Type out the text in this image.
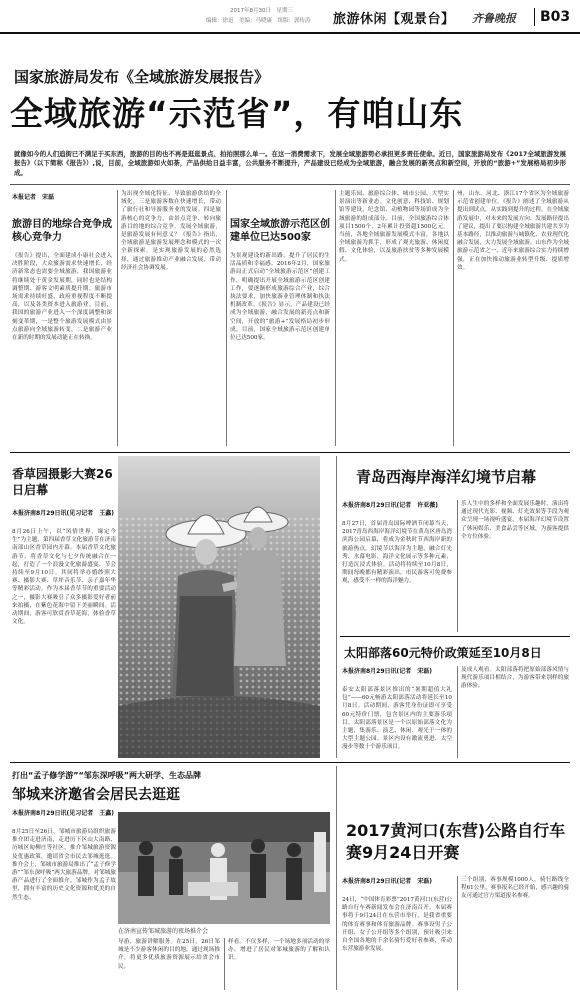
2017年8月30日　星期三
编辑：徐迅　美编：马晓康　组版：郭传涛 旅游休闲【观景台】 齐鲁晚报 B03
国家旅游局发布《全域旅游发展报告》
全域旅游“示范省”，有咱山东
就像如今的人们追街已不满足于买东西，旅游的目的也不再是逛逛景点、拍拍照那么单一。在这一消费需求下，发展全域旅游势必承担更多责任使命。近日，国家旅游局发布《2017全域旅游发展报告》（以下简称《报告》）,说，目前，全域旅游如火如荼，产品供给日益丰富，公共服务不断提升，产品建设已经成为全域旅游，融合发展的新亮点和新空间，开放的“旅游+”发展格局初步形成。
本报记者　宋磊
旅游目的地综合竞争成核心竞争力
《报告》提出，全面建成小康社会进入决胜阶段，大众旅游需求快速增长，经济新常态也需要全域旅游，我国旅游业将继续处于黄金发展期，同时也是结构调整期、游客文明素质提升期。旅游市场需求持续旺盛，政府重视程度不断提高，以及各类资本进入旅游业。目前，我国的旅游产业进入一个深度调整和深刻变革期，一是整个旅游发展模式由景点旅游向全域旅游转变，二是旅游产业在新的时期的发展动能正在转换。
为出现全域化特征，导致旅游供给的全域化。三是旅游客数在快速增长，带动了旅行社和导游服务业的发展。四是旅游核心的竞争力，由景点竞争、转向旅游目的地的综合竞争。发展全域旅游，是旅游发展有何意义？《报告》指出，全域旅游是旅游发展理念和模式的一次全新探索，是实现旅游发展的必然选择，通过旅游推动产业融合发展，带动经济社会协调发展。
国家全域旅游示范区创建单位已达500家
为景观建设的新出路，提升了居民的生活品质和幸福感。2016年2月，国家旅游局正式启动“全域旅游示范区”创建工作，明确提出开展全域旅游示范区创建工作，要逐渐形成旅游综合产业，综合执法要求，加快旅游业管理体制和执法机制改革。《报告》显示，产品建设已经成为全域旅游、融合发展的新亮点和新空间，开放的“旅游+”发展格局初步形成。目前，国家全域旅游示范区创建单位已达500家。
主题乐园、旅游综合体、城市公园、大型实景演出等新业态。文化创意、科技馆、规划馆等建设，纪念馆、动植物园等场馆成为全域旅游的组成部分。目前，全国旅游综合体项目1500个，2年累计投资超1500亿元。当前，各地全域旅游发展模式丰富，各地以全域旅游为抓手，形成了观光旅游、休闲度假、文化体验，以及旅游扶贫等多种发展模式。
州，山东、河北、浙江17个省区为全域旅游示范省创建单位。《报告》阐述了全域旅游从提出到试点，从实践到提升的过程。在全域旅游发展中，对未来的发展方向、发展路径提出了建议，提出了要以构建全域旅游共建共享为基本路径，以推动旅游与城镇化、农业现代化融合发展，大力发展全域旅游。山东作为全域旅游示范省之一，近年来旅游综合实力持续增强，正在加快推动旅游业转型升级、提质增效。
香草园摄影大赛26日启幕
本报济南8月29日讯(见习记者　王鑫)
8月26日上午，以“风情世界，缘定今生”为主题，第四届香草文化旅游节在济南南部山区香草园内开幕。本届香草文化旅游节，将香草文化与七夕传统融合在一起，打造了一个浪漫文化旅游盛宴。节会持续至9月10日。其间将举办婚纱照大赛、摄影大赛、草坪音乐节、亲子嘉年华等精彩活动。作为本届香草节的重要活动之一，摄影大赛吸引了众多摄影爱好者前来拍摄，在紫色花海中留下美丽瞬间。活动期间，游客可欣赏香草花海，体验香草文化。
青岛西海岸海洋幻境节启幕
本报济南8月29日讯(记者　许亚薇)
8月27日，首届青岛国际啤酒节闭幕当天，2017青岛西海岸海洋幻境节在黄岛区唐岛湾滨海公园启幕，将成为金秋时节西海岸新的旅游热点。幻境节以海洋为主题，融合灯光秀、水幕电影、海洋文化展示等多种元素，打造沉浸式体验。活动将持续至10月8日，期间每晚都有精彩演出，市民游客可免费参观，感受不一样的海洋魅力。
乐人生中的多样和全面发展乐趣时，演出将通过现代光影、视频、灯光效果等手段为观众呈现一场视听盛宴。本届海洋幻境节设置了休闲娱乐、美食品尝等区域，为游客提供全方位体验。
太阳部落60元特价政策延至10月8日
本报济南8月29日讯(记者　宋磊)
泰安太阳部落景区推出的“暑期超值大礼包”——60元畅游太阳部落活动将延长至10月8日。活动期间，游客凭身份证即可享受60元特价门票，包含景区内的主要游乐项目。太阳部落景区是一个以原始部落文化为主题，集游乐、演艺、休闲、观光于一体的大型主题公园。景区内设有激流勇进、太空漫步等数十个游乐项目。
及成人观看。太阳部落将把原始部落风情与现代游乐项目相结合，为游客带来别样的旅游体验。
打出“孟子修学游”“邹东深呼吸”两大研学、生态品牌
邹城来济邀省会居民去逛逛
本报济南8月29日讯(见习记者　王鑫)
8月25日至26日，邹城市旅游局组织旅游推介团走进济南，走进历下区山大南路、历城区甸柳庄等社区，推介邹城旅游资源及优惠政策，邀请省会市民去邹城逛逛。推介会上，邹城市旅游局推出了“孟子修学游”“邹东深呼吸”两大旅游品牌，对邹城旅游产品进行了全面推介。邹城作为孟子故里，拥有丰富的历史文化资源和优美的自然生态。
在济南宣传邹城旅游的夜场推介会
导游、旅游讲解服务。在25日，26日邹城是不少游客休闲的目的地，通过现场推介，将更多优质旅游资源展示给省会市民。
样看。不仅多样，一个场地多项活动的举办，增进了居民对邹城旅游的了解和认识。
2017黄河口(东营)公路自行车赛9月24日开赛
本报济南8月29日讯(记者　宋磊)
24日，“中国体育彩票”2017黄河口(东营)公路自行车赛新闻发布会在济南召开。本届赛事将于9月24日在东营市举行，是我省重要的体育赛事和体育旅游品牌。赛事设男子公开组、女子公开组等多个组别，预计吸引来自全国各地的千余名骑行爱好者参赛，带动东营旅游业发展。
三个组别，赛事规模1000人，骑行路线全程61公里。赛事报名已经开始，感兴趣的骑友可通过官方渠道报名参赛。
